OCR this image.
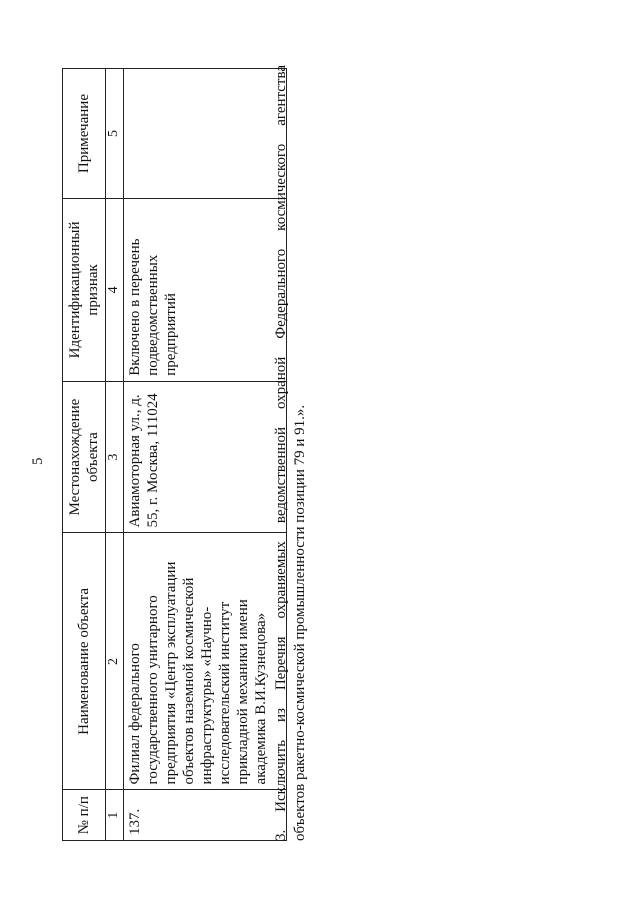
5
№ п/п	Наименование объекта	Местонахождение объекта	Идентификационный признак	Примечание
1	2	3	4	5
137.	Филиал федерального государственного унитарного предприятия «Центр эксплуатации объектов наземной космической инфраструктуры» «Научно-исследовательский институт прикладной механики имени академика В.И.Кузнецова»	Авиамоторная ул., д. 55, г. Москва, 111024	Включено в перечень подведомственных предприятий		3. Исключить из Перечня охраняемых ведомственной охраной Федерального космического агентства объектов ракетно-космической промышленности позиции 79 и 91.».
